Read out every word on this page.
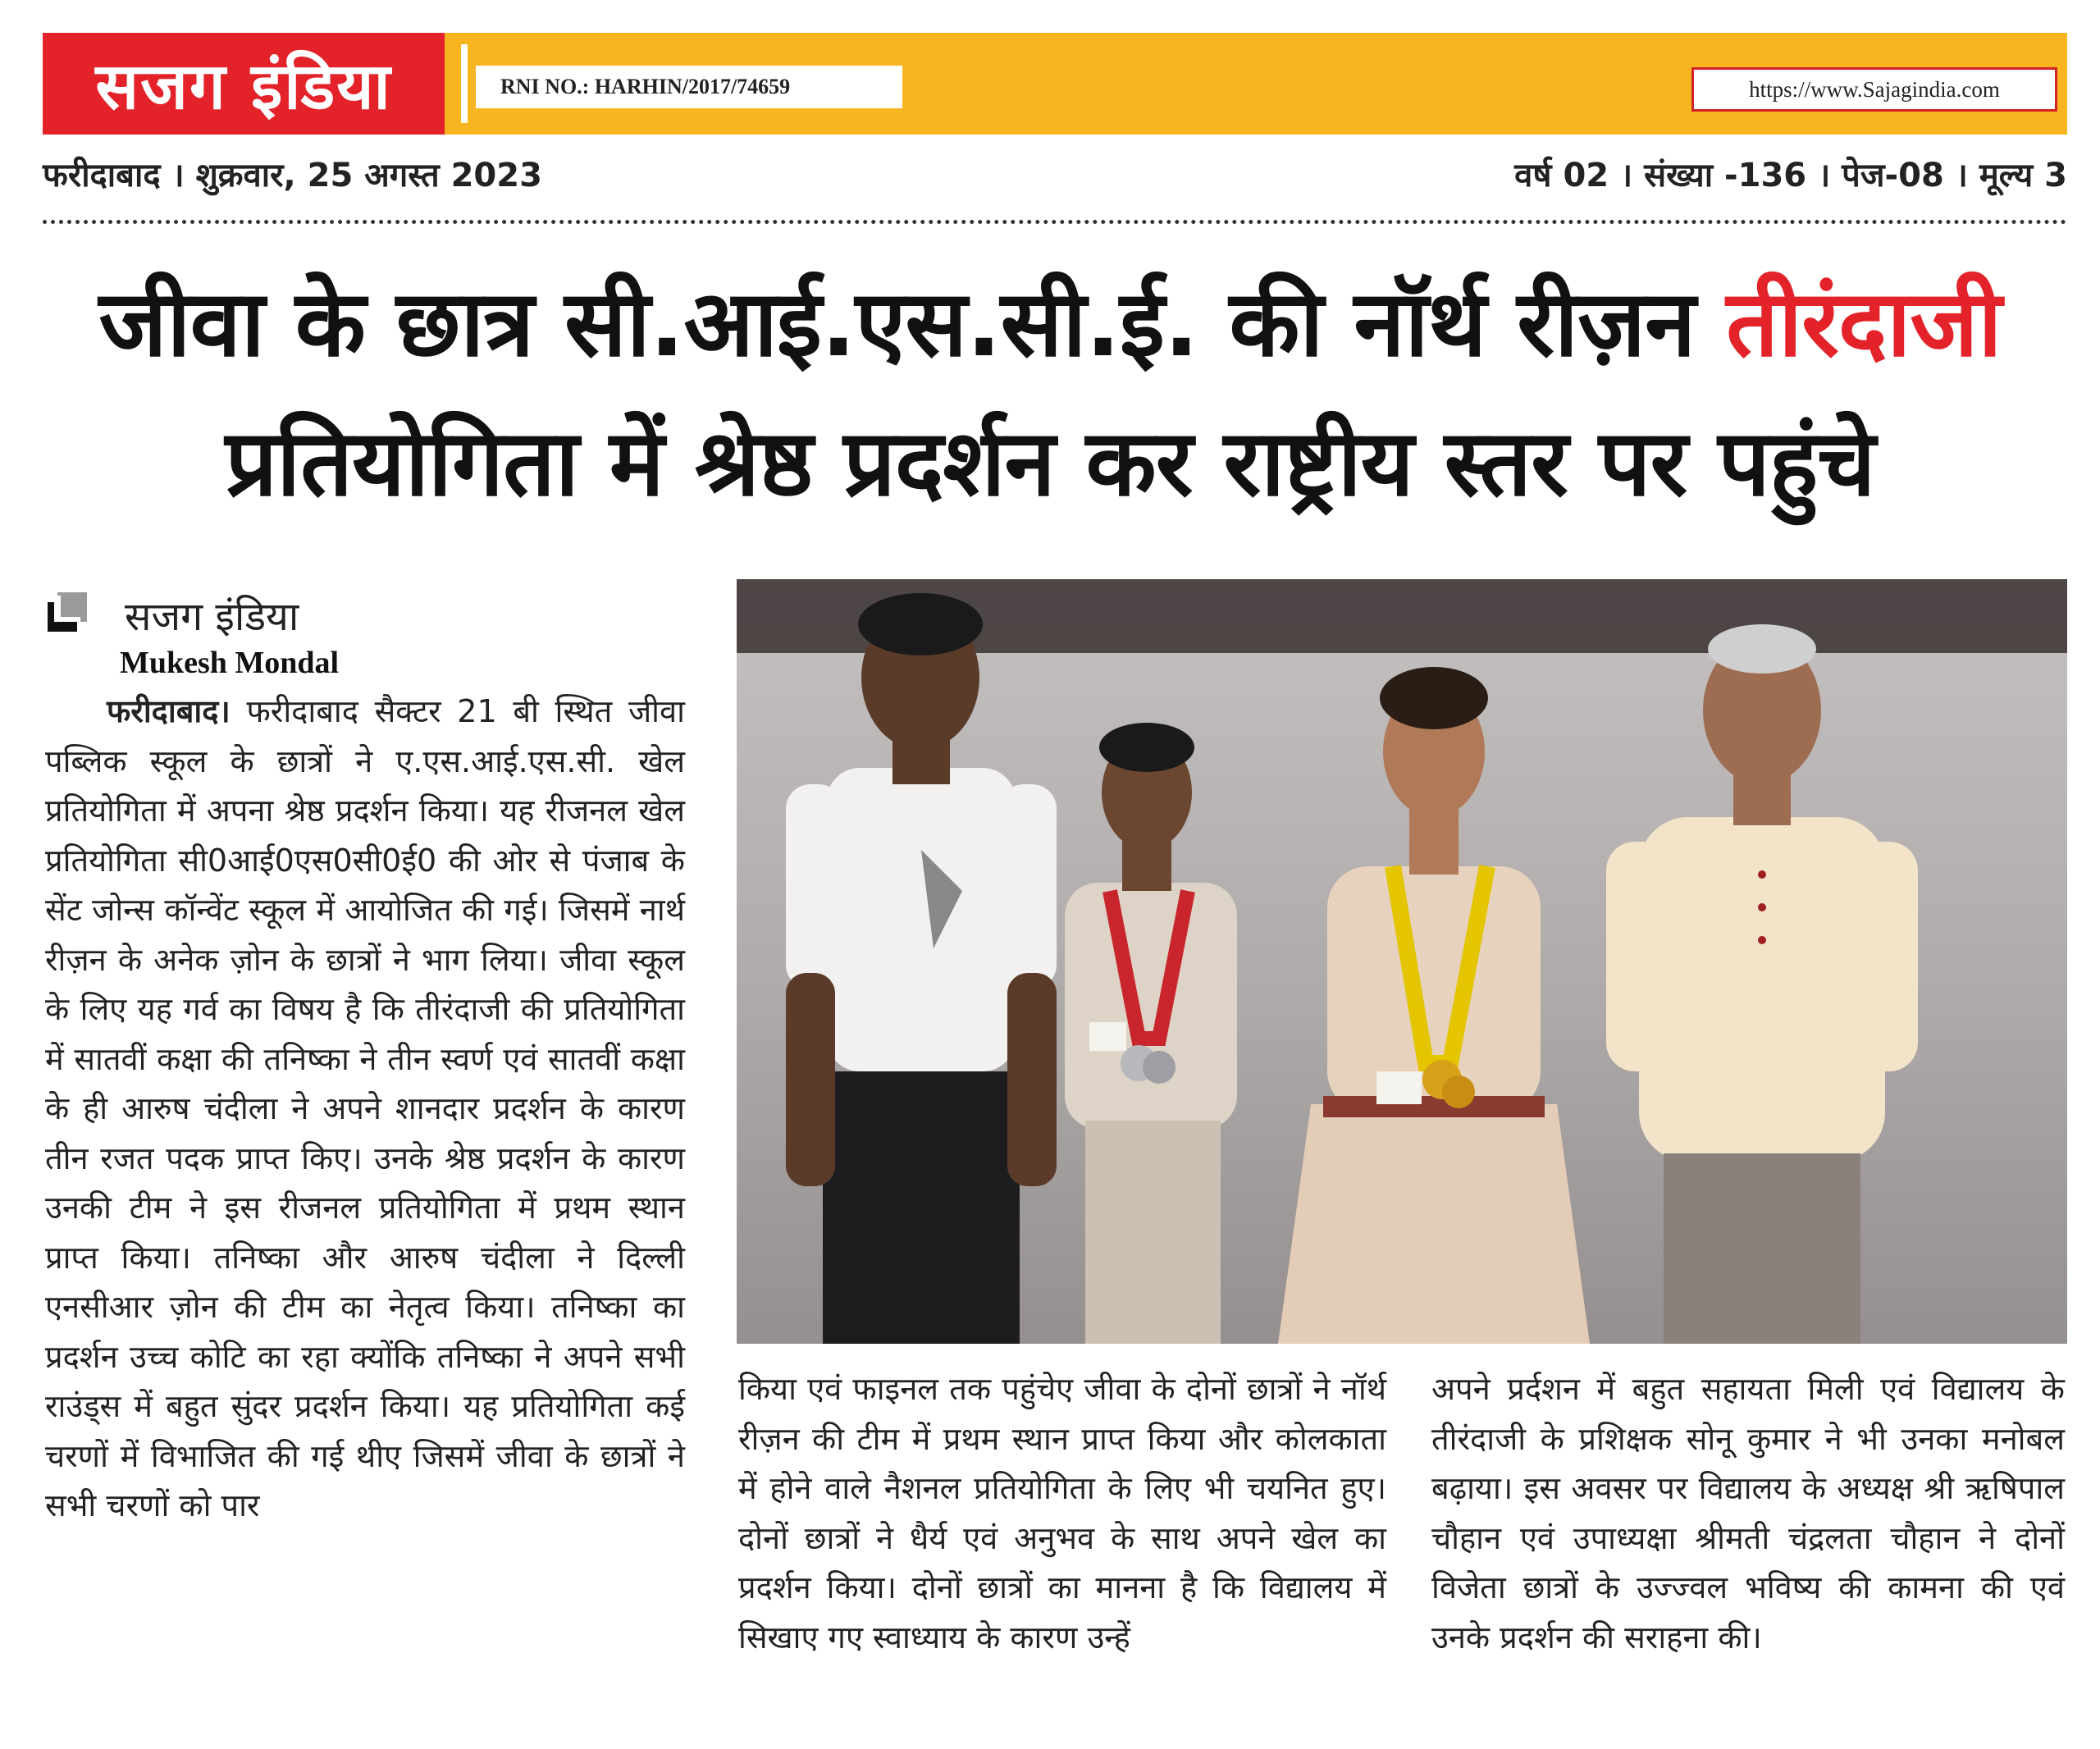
सजग इंडिया	RNI NO.: HARHIN/2017/74659	https://www.Sajagindia.com
फरीदाबाद । शुक्रवार, 25 अगस्त 2023	वर्ष 02 । संख्या -136 । पेज-08 । मूल्य 3
जीवा के छात्र सी.आई.एस.सी.ई. की नॉर्थ रीज़न तीरंदाजी
प्रतियोगिता में श्रेष्ठ प्रदर्शन कर राष्ट्रीय स्तर पर पहुंचे
सजग इंडिया
Mukesh Mondal

फरीदाबाद। फरीदाबाद सैक्टर 21 बी स्थित जीवा पब्लिक स्कूल के छात्रों ने ए.एस.आई.एस.सी. खेल प्रतियोगिता में अपना श्रेष्ठ प्रदर्शन किया। यह रीजनल खेल प्रतियोगिता सी0आई0एस0सी0ई0 की ओर से पंजाब के सेंट जोन्स कॉन्वेंट स्कूल में आयोजित की गई। जिसमें नार्थ रीज़न के अनेक ज़ोन के छात्रों ने भाग लिया। जीवा स्कूल के लिए यह गर्व का विषय है कि तीरंदाजी की प्रतियोगिता में सातवीं कक्षा की तनिष्का ने तीन स्वर्ण एवं सातवीं कक्षा के ही आरुष चंदीला ने अपने शानदार प्रदर्शन के कारण तीन रजत पदक प्राप्त किए। उनके श्रेष्ठ प्रदर्शन के कारण उनकी टीम ने इस रीजनल प्रतियोगिता में प्रथम स्थान प्राप्त किया। तनिष्का और आरुष चंदीला ने दिल्ली एनसीआर ज़ोन की टीम का नेतृत्व किया। तनिष्का का प्रदर्शन उच्च कोटि का रहा क्योंकि तनिष्का ने अपने सभी राउंड्स में बहुत सुंदर प्रदर्शन किया। यह प्रतियोगिता कई चरणों में विभाजित की गई थीए जिसमें जीवा के छात्रों ने सभी चरणों को पार

किया एवं फाइनल तक पहुंचेए जीवा के दोनों छात्रों ने नॉर्थ रीज़न की टीम में प्रथम स्थान प्राप्त किया और कोलकाता में होने वाले नैशनल प्रतियोगिता के लिए भी चयनित हुए। दोनों छात्रों ने धैर्य एवं अनुभव के साथ अपने खेल का प्रदर्शन किया। दोनों छात्रों का मानना है कि विद्यालय में सिखाए गए स्वाध्याय के कारण उन्हें
अपने प्रर्दशन में बहुत सहायता मिली एवं विद्यालय के तीरंदाजी के प्रशिक्षक सोनू कुमार ने भी उनका मनोबल बढ़ाया। इस अवसर पर विद्यालय के अध्यक्ष श्री ऋषिपाल चौहान एवं उपाध्यक्षा श्रीमती चंद्रलता चौहान ने दोनों विजेता छात्रों के उज्ज्वल भविष्य की कामना की एवं उनके प्रदर्शन की सराहना की।
